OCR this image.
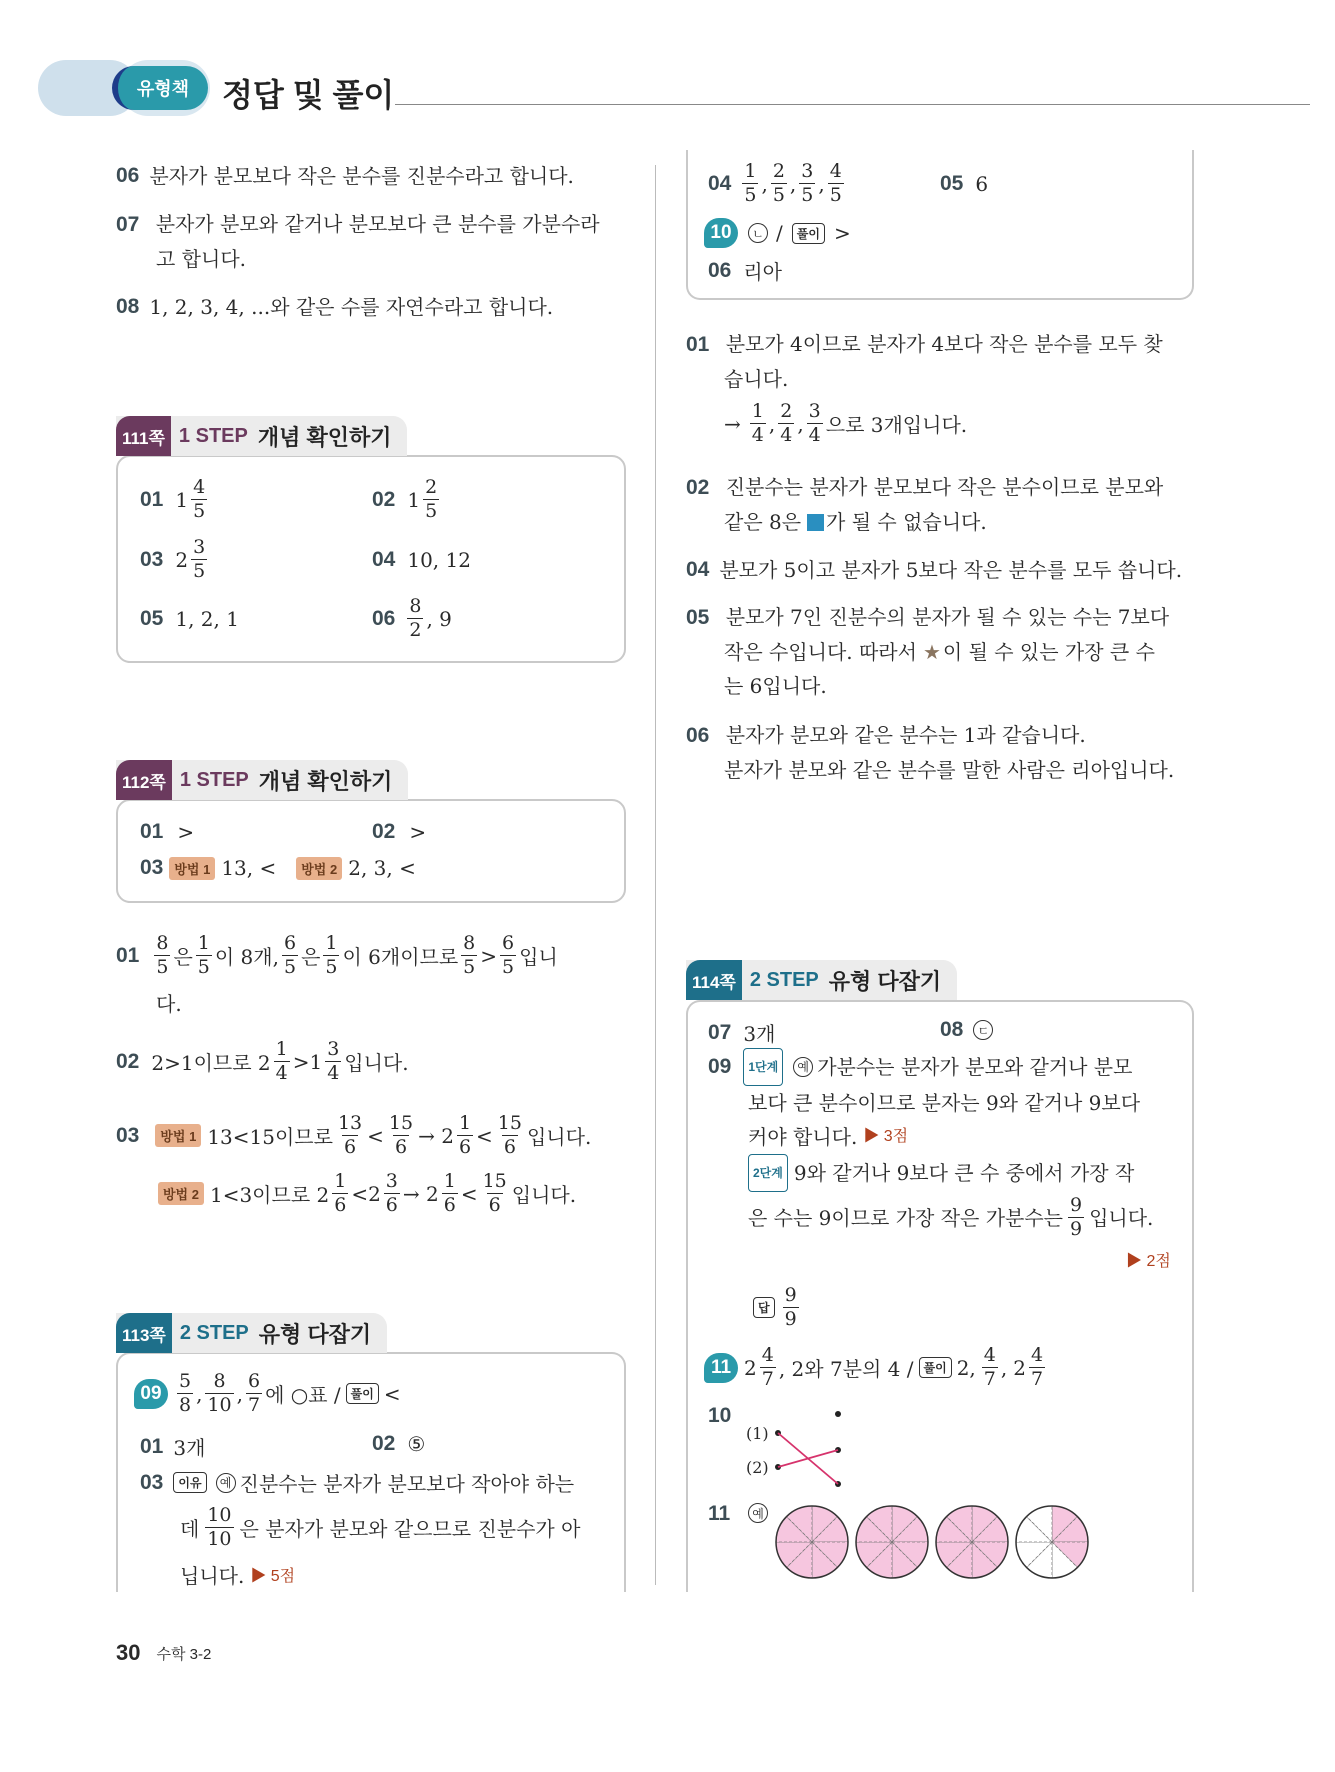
유형책 정답 및 풀이
06 분자가 분모보다 작은 분수를 진분수라고 합니다.
07 분자가 분모와 같거나 분모보다 큰 분수를 가분수라
고 합니다.
08 1, 2, 3, 4, ...와 같은 수를 자연수라고 합니다.
111쪽 1 STEP 개념 확인하기
01 $1 \frac{4}{5}$	02 $1 \frac{2}{5}$
03 $2 \frac{3}{5}$	04 10, 12
05 1, 2, 1	$06 \frac{8}{2}$ , 9
112쪽 1 STEP 개념 확인하기
01 >	02 >
03 방법 1 13, <	방법 2 2, 3, <
$01 \frac{8}{5}$ 은 $\frac{1}{5}$ 이 8개, $\frac{6}{5}$ 은 $\frac{1}{5}$ 이 6개이므로 $\frac{8}{5} > \frac{6}{5}$ 입니
다.
02 2>1이므로 $2 \frac{1}{4} >1 \frac{3}{4}$ 입니다.
03	방법 1 13<15이므로 $\frac{13}{6} < \frac{15}{6} \to 2 \frac{1}{6} < \frac{15}{6}$ 입니다.
방법 2 1<3이므로 $2 \frac{1}{6} <2 \frac{3}{6} \to 2 \frac{1}{6} < \frac{15}{6}$ 입니다.
113쪽 2 STEP 유형 다잡기
$09 \frac{5}{8}$ , $\frac{8}{10}$ , $\frac{6}{7}$ 에 ○표 / 풀이 <
01 3개	02 ⑤
03	이유	예 진분수는 분자가 분모보다 작아야 하는
데 $\frac{10}{10}$ 은 분자가 분모와 같으므로 진분수가 아
닙니다. ▶ 5점
$04 \frac{1}{5}$ , $\frac{2}{5}$ , $\frac{3}{5}$ , $\frac{4}{5}$	05 6
10	ㄴ /	풀이 >
06 리아
01 분모가 4이므로 분자가 4보다 작은 분수를 모두 찾
습니다.
→ $\frac{1}{4}$ , $\frac{2}{4}$ , $\frac{3}{4}$ 으로 3개입니다.
02 진분수는 분자가 분모보다 작은 분수이므로 분모와
같은 8은 가 될 수 없습니다.
04 분모가 5이고 분자가 5보다 작은 분수를 모두 씁니다.
05 분모가 7인 진분수의 분자가 될 수 있는 수는 7보다
작은 수입니다. 따라서 ★ 이 될 수 있는 가장 큰 수
는 6입니다.
06 분자가 분모와 같은 분수는 1과 같습니다.
분자가 분모와 같은 분수를 말한 사람은 리아입니다.
114쪽 2 STEP 유형 다잡기
07 3개	08	ㄷ
09	1단계	예 가분수는 분자가 분모와 같거나 분모
보다 큰 분수이므로 분자는 9와 같거나 9보다
커야 합니다. ▶ 3점
2단계 9와 같거나 9보다 큰 수 중에서 가장 작
은 수는 9이므로 가장 작은 가분수는 $\frac{9}{9}$ 입니다.
▶ 2점
답 $\frac{9}{9}$
11 $2 \frac{4}{7}$ , 2와 7분의 4 / 풀이 2, $\frac{4}{7}$ , $2 \frac{4}{7}$
10
(1)
(2)
11	예
30 수학 3-2
